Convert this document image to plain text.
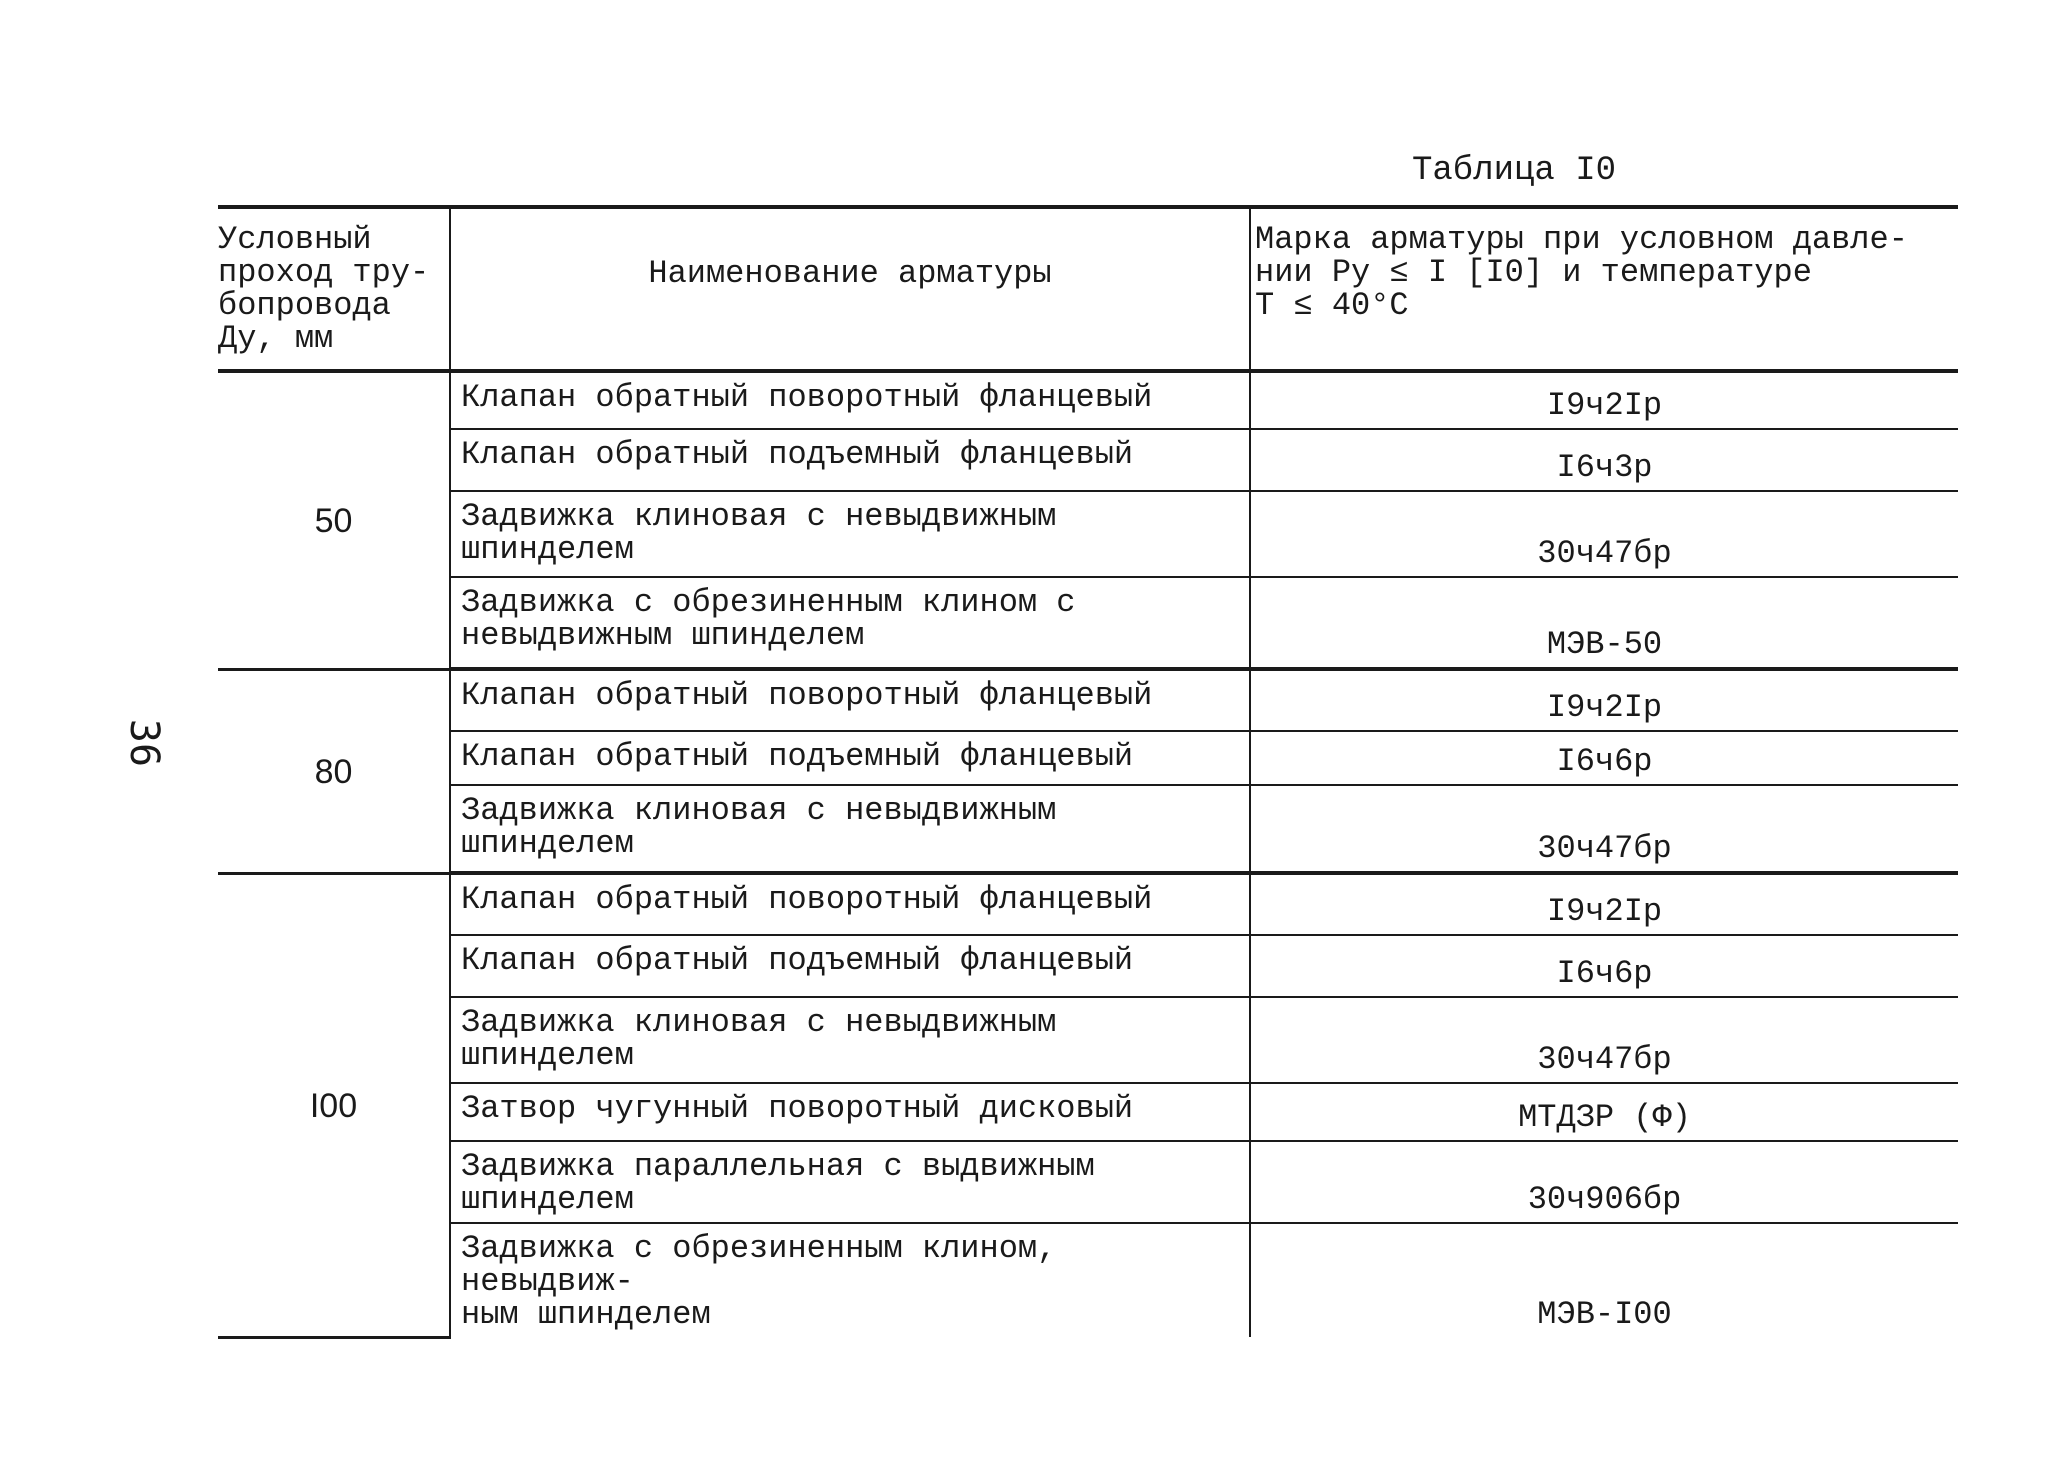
36
Таблица I0
Условный
проход тру-
бопровода
Ду, мм	Наименование арматуры	Марка арматуры при условном давле-
нии Ру ≤ I [I0] и температуре
Т ≤ 40°C

50	Клапан обратный поворотный фланцевый	I9ч2Iр

	Клапан обратный подъемный фланцевый	I6ч3р

	Задвижка клиновая с невыдвижным
шпинделем	30ч47бр

	Задвижка с обрезиненным клином с
невыдвижным шпинделем	МЭВ-50
80	Клапан обратный поворотный фланцевый	I9ч2Iр

	Клапан обратный подъемный фланцевый	I6ч6р

	Задвижка клиновая с невыдвижным
шпинделем	30ч47бр
I00	Клапан обратный поворотный фланцевый	I9ч2Iр

	Клапан обратный подъемный фланцевый	I6ч6р

	Задвижка клиновая с невыдвижным
шпинделем	30ч47бр

	Затвор чугунный поворотный дисковый	МТДЗР (Ф)

	Задвижка параллельная с выдвижным шпинделем	30ч906бр

	Задвижка с обрезиненным клином, невыдвиж-
ным шпинделем	МЭВ-I00
